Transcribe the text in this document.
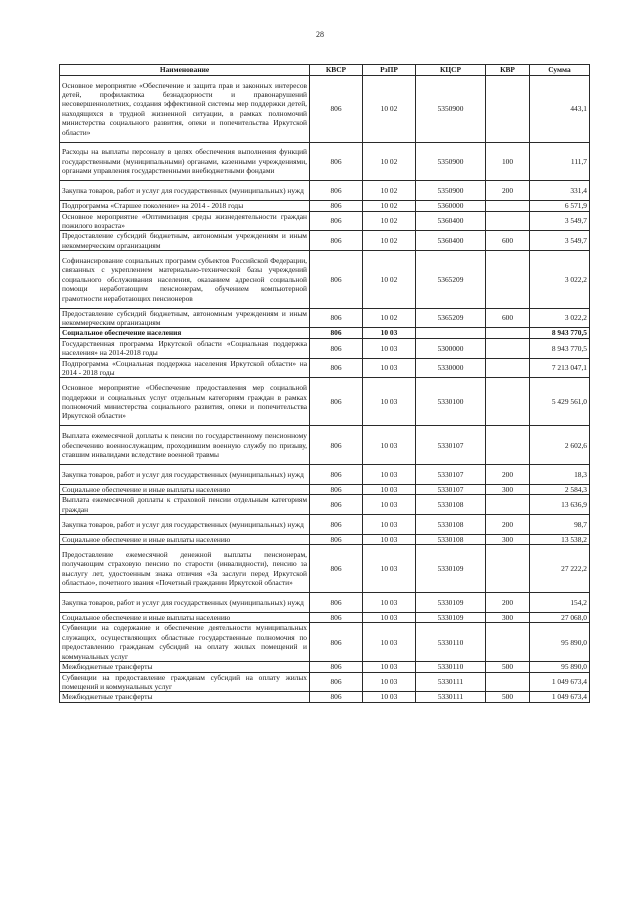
28
Наименование	КВСР	РзПР	КЦСР	КВР	Сумма
Основное мероприятие «Обеспечение и защита прав и законных интересов детей, профилактика безнадзорности и правонарушений несовершеннолетних, создания эффективной системы мер поддержки детей, находящихся в трудной жизненной ситуации, в рамках полномочий министерства социального развития, опеки и попечительства Иркутской области»	806	10 02	5350900		443,1
Расходы на выплаты персоналу в целях обеспечения выполнения функций государственными (муниципальными) органами, казенными учреждениями, органами управления государственными внебюджетными фондами	806	10 02	5350900	100	111,7
Закупка товаров, работ и услуг для государственных (муниципальных) нужд	806	10 02	5350900	200	331,4
Подпрограмма «Старшее поколение» на 2014 - 2018 годы	806	10 02	5360000		6 571,9
Основное мероприятие «Оптимизация среды жизнедеятельности граждан пожилого возраста»	806	10 02	5360400		3 549,7
Предоставление субсидий бюджетным, автономным учреждениям и иным некоммерческим организациям	806	10 02	5360400	600	3 549,7
Софинансирование социальных программ субъектов Российской Федерации, связанных с укреплением материально-технической базы учреждений социального обслуживания населения, оказанием адресной социальной помощи неработающим пенсионерам, обучением компьютерной грамотности неработающих пенсионеров	806	10 02	5365209		3 022,2
Предоставление субсидий бюджетным, автономным учреждениям и иным некоммерческим организациям	806	10 02	5365209	600	3 022,2
Социальное обеспечение населения	806	10 03			8 943 770,5
Государственная программа Иркутской области «Социальная поддержка населения» на 2014-2018 годы	806	10 03	5300000		8 943 770,5
Подпрограмма «Социальная поддержка населения Иркутской области» на 2014 - 2018 годы	806	10 03	5330000		7 213 047,1
Основное мероприятие «Обеспечение предоставления мер социальной поддержки и социальных услуг отдельным категориям граждан в рамках полномочий министерства социального развития, опеки и попечительства Иркутской области»	806	10 03	5330100		5 429 561,0
Выплата ежемесячной доплаты к пенсии по государственному пенсионному обеспечению военнослужащим, проходившим военную службу по призыву, ставшим инвалидами вследствие военной травмы	806	10 03	5330107		2 602,6
Закупка товаров, работ и услуг для государственных (муниципальных) нужд	806	10 03	5330107	200	18,3
Социальное обеспечение и иные выплаты населению	806	10 03	5330107	300	2 584,3
Выплата ежемесячной доплаты к страховой пенсии отдельным категориям граждан	806	10 03	5330108		13 636,9
Закупка товаров, работ и услуг для государственных (муниципальных) нужд	806	10 03	5330108	200	98,7
Социальное обеспечение и иные выплаты населению	806	10 03	5330108	300	13 538,2
Предоставление ежемесячной денежной выплаты пенсионерам, получающим страховую пенсию по старости (инвалидности), пенсию за выслугу лет, удостоенным знака отличия «За заслуги перед Иркутской областью», почетного звания «Почетный гражданин Иркутской области»	806	10 03	5330109		27 222,2
Закупка товаров, работ и услуг для государственных (муниципальных) нужд	806	10 03	5330109	200	154,2
Социальное обеспечение и иные выплаты населению	806	10 03	5330109	300	27 068,0
Субвенции на содержание и обеспечение деятельности муниципальных служащих, осуществляющих областные государственные полномочия по предоставлению гражданам субсидий на оплату жилых помещений и коммунальных услуг	806	10 03	5330110		95 890,0
Межбюджетные трансферты	806	10 03	5330110	500	95 890,0
Субвенции на предоставление гражданам субсидий на оплату жилых помещений и коммунальных услуг	806	10 03	5330111		1 049 673,4
Межбюджетные трансферты	806	10 03	5330111	500	1 049 673,4
